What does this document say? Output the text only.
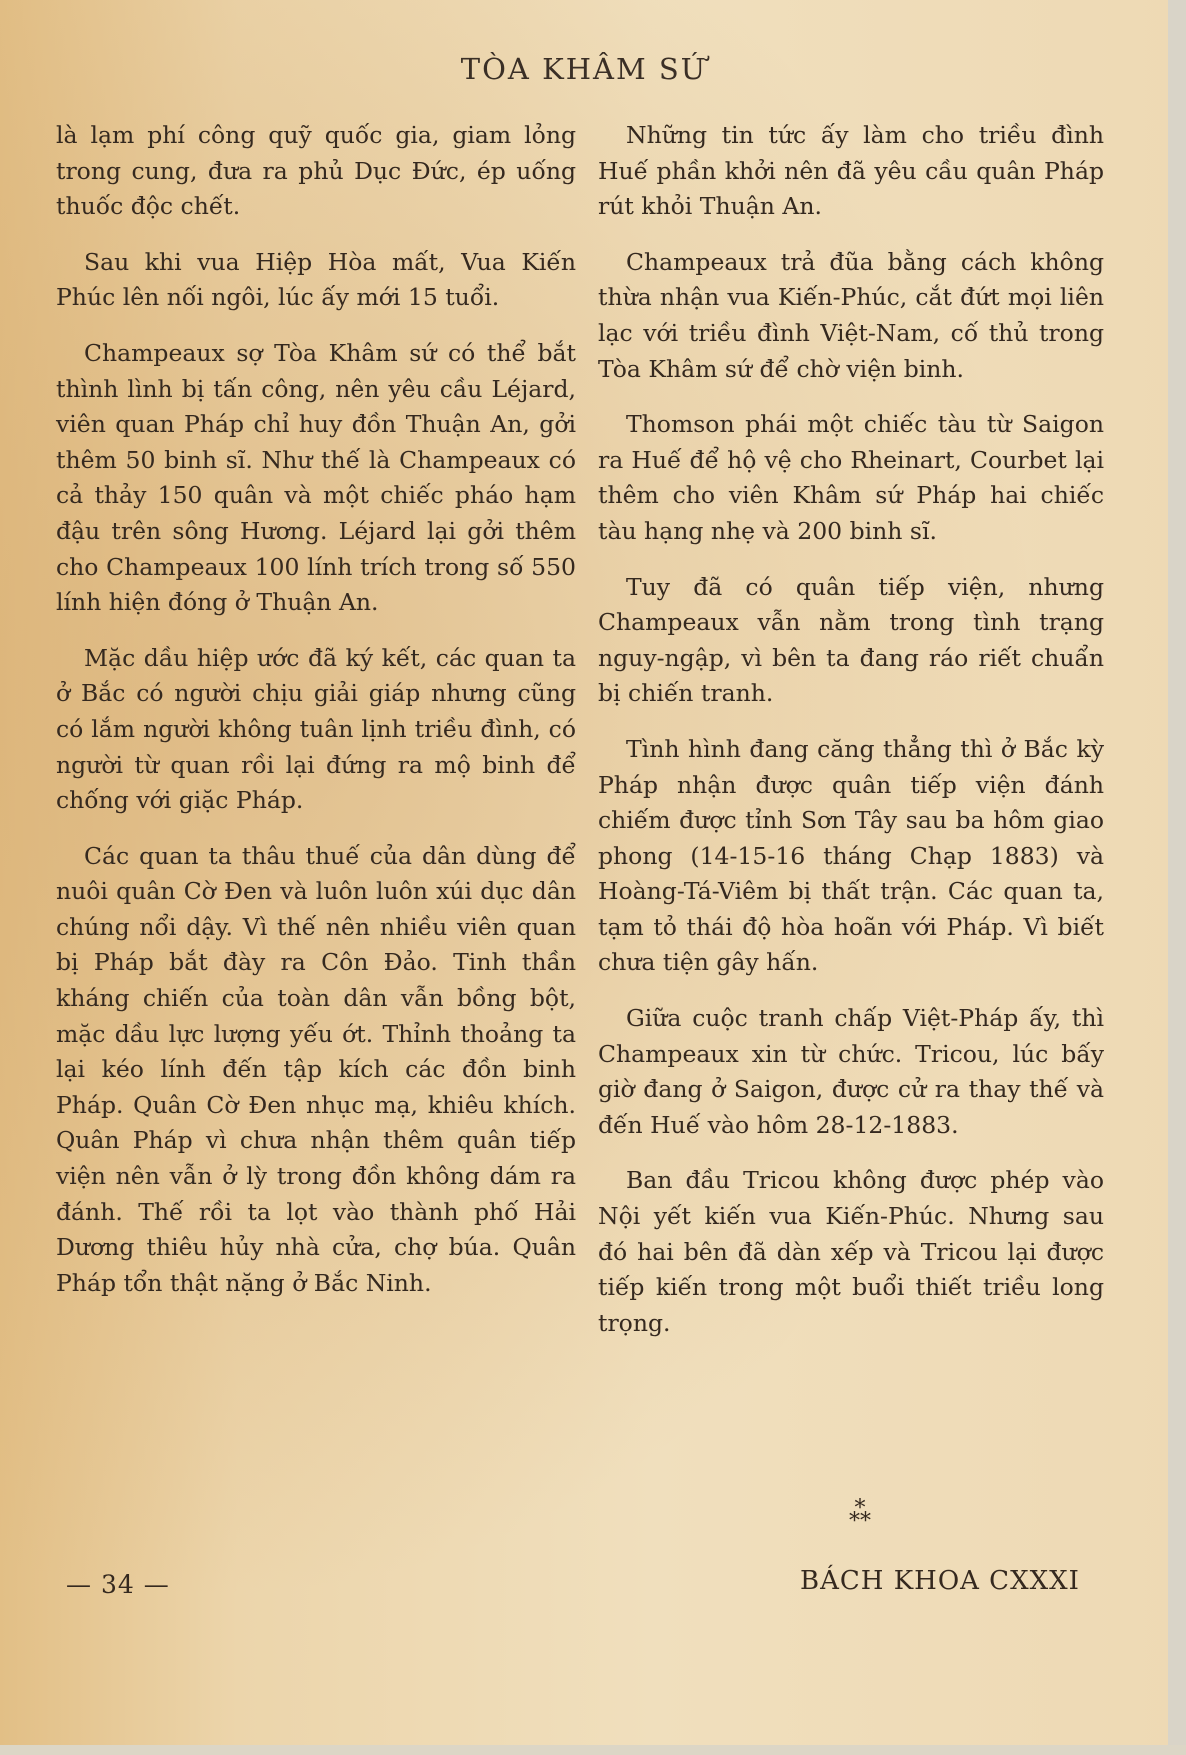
TÒA KHÂM SỨ

là lạm phí công quỹ quốc gia, giam lỏng trong cung, đưa ra phủ Dục Đức, ép uống thuốc độc chết.

Sau khi vua Hiệp Hòa mất, Vua Kiến Phúc lên nối ngôi, lúc ấy mới 15 tuổi.

Champeaux sợ Tòa Khâm sứ có thể bắt thình lình bị tấn công, nên yêu cầu Léjard, viên quan Pháp chỉ huy đồn Thuận An, gởi thêm 50 binh sĩ. Như thế là Champeaux có cả thảy 150 quân và một chiếc pháo hạm đậu trên sông Hương. Léjard lại gởi thêm cho Champeaux 100 lính trích trong số 550 lính hiện đóng ở Thuận An.

Mặc dầu hiệp ước đã ký kết, các quan ta ở Bắc có người chịu giải giáp nhưng cũng có lắm người không tuân lịnh triều đình, có người từ quan rồi lại đứng ra mộ binh để chống với giặc Pháp.

Các quan ta thâu thuế của dân dùng để nuôi quân Cờ Đen và luôn luôn xúi dục dân chúng nổi dậy. Vì thế nên nhiều viên quan bị Pháp bắt đày ra Côn Đảo. Tinh thần kháng chiến của toàn dân vẫn bồng bột, mặc dầu lực lượng yếu ớt. Thỉnh thoảng ta lại kéo lính đến tập kích các đồn binh Pháp. Quân Cờ Đen nhục mạ, khiêu khích. Quân Pháp vì chưa nhận thêm quân tiếp viện nên vẫn ở lỳ trong đồn không dám ra đánh. Thế rồi ta lọt vào thành phố Hải Dương thiêu hủy nhà cửa, chợ búa. Quân Pháp tổn thật nặng ở Bắc Ninh.

Những tin tức ấy làm cho triều đình Huế phần khởi nên đã yêu cầu quân Pháp rút khỏi Thuận An.

Champeaux trả đũa bằng cách không thừa nhận vua Kiến-Phúc, cắt đứt mọi liên lạc với triều đình Việt-Nam, cố thủ trong Tòa Khâm sứ để chờ viện binh.

Thomson phái một chiếc tàu từ Saigon ra Huế để hộ vệ cho Rheinart, Courbet lại thêm cho viên Khâm sứ Pháp hai chiếc tàu hạng nhẹ và 200 binh sĩ.

Tuy đã có quân tiếp viện, nhưng Champeaux vẫn nằm trong tình trạng nguy-ngập, vì bên ta đang ráo riết chuẩn bị chiến tranh.

Tình hình đang căng thẳng thì ở Bắc kỳ Pháp nhận được quân tiếp viện đánh chiếm được tỉnh Sơn Tây sau ba hôm giao phong (14-15-16 tháng Chạp 1883) và Hoàng-Tá-Viêm bị thất trận. Các quan ta, tạm tỏ thái độ hòa hoãn với Pháp. Vì biết chưa tiện gây hấn.

Giữa cuộc tranh chấp Việt-Pháp ấy, thì Champeaux xin từ chức. Tricou, lúc bấy giờ đang ở Saigon, được cử ra thay thế và đến Huế vào hôm 28-12-1883.

Ban đầu Tricou không được phép vào Nội yết kiến vua Kiến-Phúc. Nhưng sau đó hai bên đã dàn xếp và Tricou lại được tiếp kiến trong một buổi thiết triều long trọng.

*
**
— 34 —	BÁCH KHOA CXXXI
